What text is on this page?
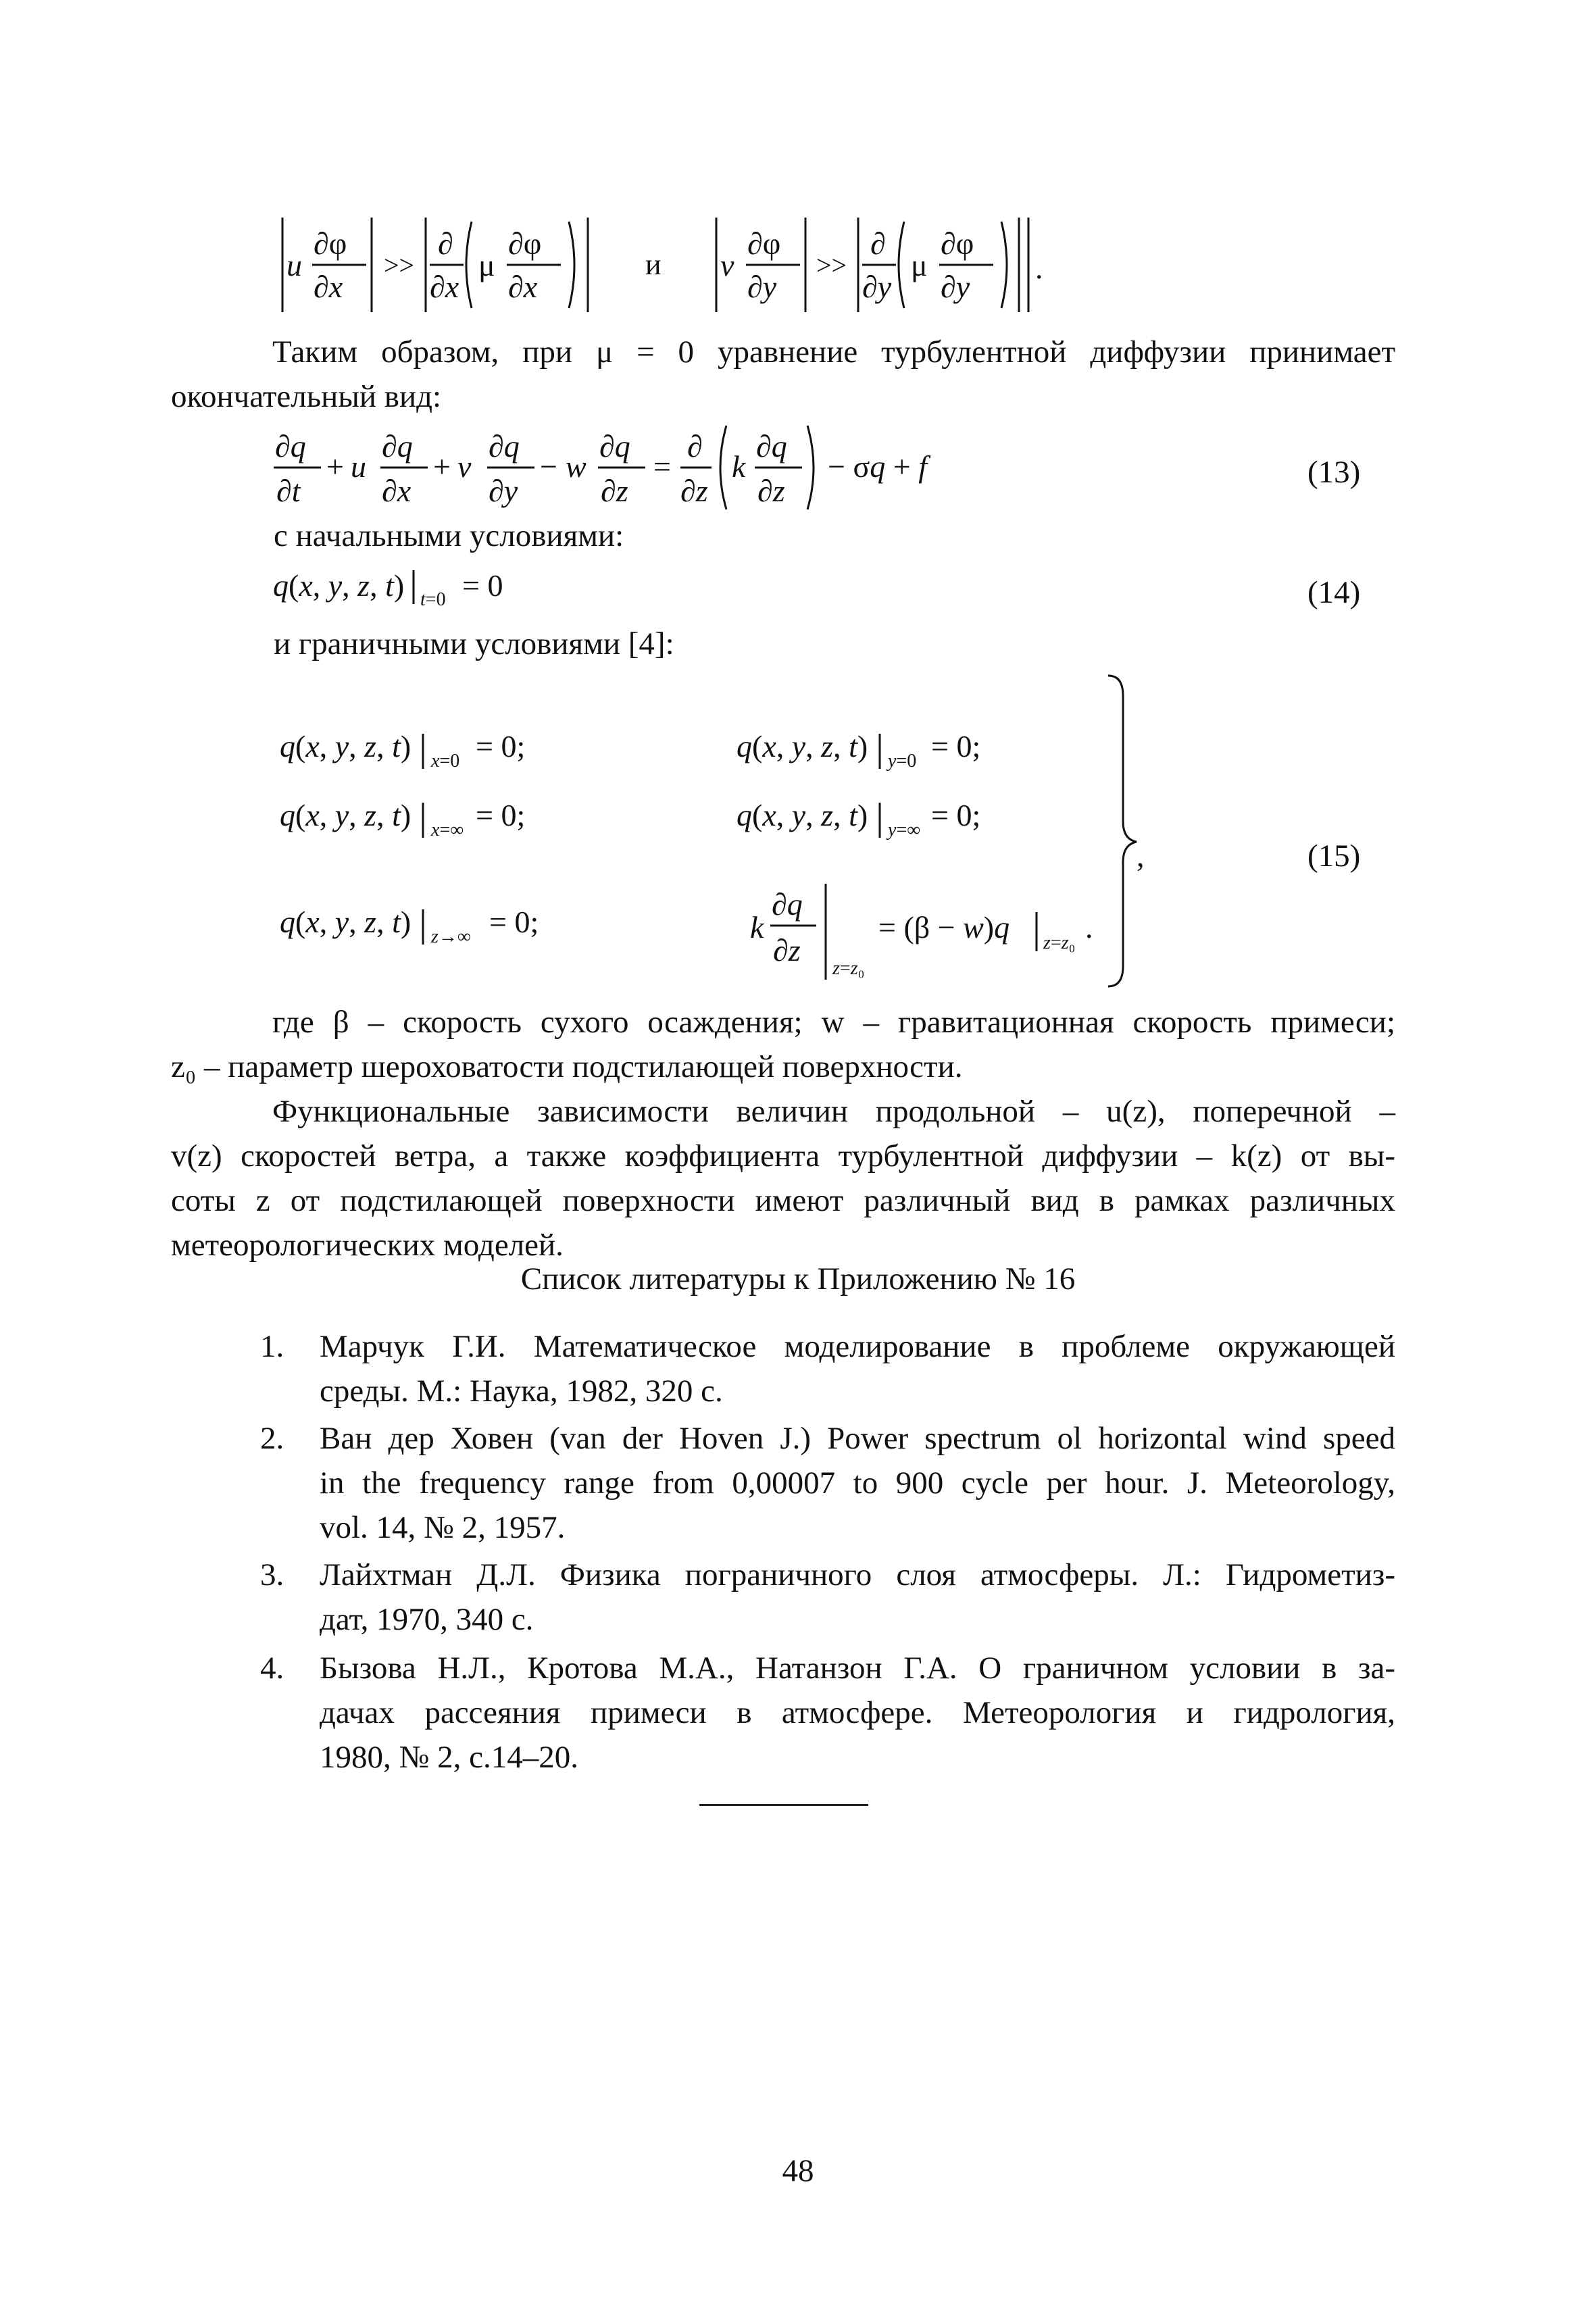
u
∂φ
∂x
>>
∂
∂x
μ
∂φ
∂x
и v
∂φ
∂y
>>
∂
∂y
μ
∂φ
∂y
.
Таким образом, при μ = 0 уравнение турбулентной диффузии принимает
окончательный вид:
∂q
∂t
+ u
∂q
∂x
+ v
∂q
∂y
− w
∂q
∂z
=
∂
∂z
k
∂q
∂z
− σq + f	(13)
с начальными условиями:
q(x, y, z, t) t=0 = 0	(14)
и граничными условиями [4]:
q(x, y, z, t) x=0 = 0;	q(x, y, z, t) y=0 = 0;
q(x, y, z, t) x=∞ = 0;	q(x, y, z, t) y=∞ = 0;
q(x, y, z, t) z→∞ = 0;	k
∂q
∂z
z=z₀
= (β − w)q z=z₀ .
,	(15)
где β – скорость сухого осаждения; w – гравитационная скорость примеси;
z₀ – параметр шероховатости подстилающей поверхности.
Функциональные зависимости величин продольной – u(z), поперечной –
v(z) скоростей ветра, а также коэффициента турбулентной диффузии – k(z) от вы-
соты z от подстилающей поверхности имеют различный вид в рамках различных
метеорологических моделей.
Список литературы к Приложению № 16
1. Марчук Г.И. Математическое моделирование в проблеме окружающей
среды. М.: Наука, 1982, 320 с.
2. Ван дер Ховен (van der Hoven J.) Power spectrum ol horizontal wind speed
in the frequency range from 0,00007 to 900 cycle per hour. J. Meteorology,
vol. 14, № 2, 1957.
3. Лайхтман Д.Л. Физика пограничного слоя атмосферы. Л.: Гидрометиз-
дат, 1970, 340 с.
4. Бызова Н.Л., Кротова М.А., Натанзон Г.А. О граничном условии в за-
дачах рассеяния примеси в атмосфере. Метеорология и гидрология,
1980, № 2, с.14–20.
48
